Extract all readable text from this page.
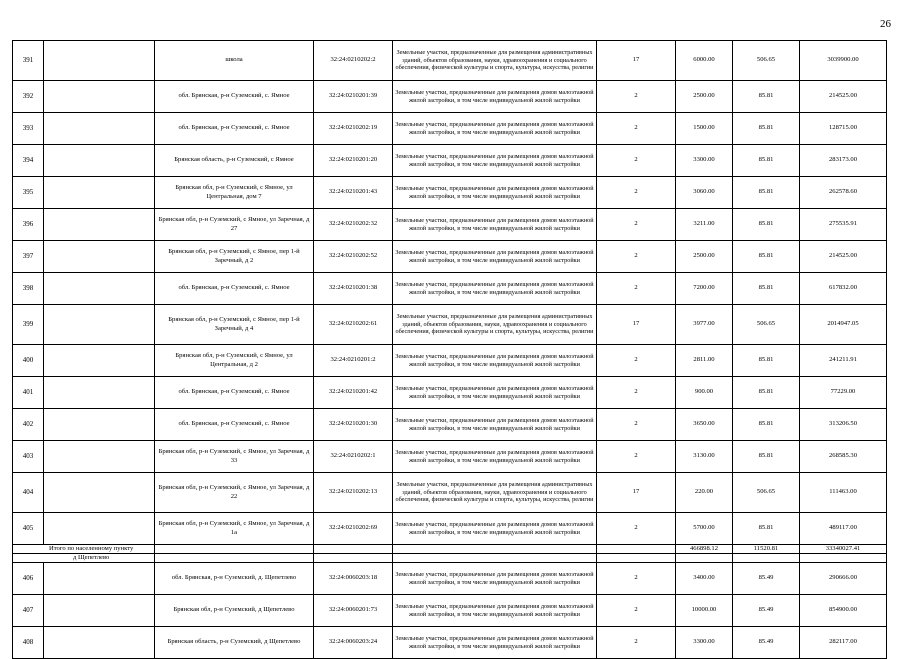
26
391		школа	32:24:0210202:2	Земельные участки, предназначенные для размещения административных зданий, объектов образования, науки, здравоохранения и социального обеспечения, физической культуры и спорта, культуры, искусства, религии	17	6000.00	506.65	3039900.00
392		обл. Брянская, р-н Суземский, с. Ямное	32:24:0210201:39	Земельные участки, предназначенные для размещения домов малоэтажной жилой застройки, в том числе индивидуальной жилой застройки	2	2500.00	85.81	214525.00
393		обл. Брянская, р-н Суземский, с. Ямное	32:24:0210202:19	Земельные участки, предназначенные для размещения домов малоэтажной жилой застройки, в том числе индивидуальной жилой застройки	2	1500.00	85.81	128715.00
394		Брянская область, р-н Суземский, с Ямное	32:24:0210201:20	Земельные участки, предназначенные для размещения домов малоэтажной жилой застройки, в том числе индивидуальной жилой застройки	2	3300.00	85.81	283173.00
395		Брянская обл, р-н Суземский, с Ямное, ул Центральная, дом 7	32:24:0210201:43	Земельные участки, предназначенные для размещения домов малоэтажной жилой застройки, в том числе индивидуальной жилой застройки	2	3060.00	85.81	262578.60
396		Брянская обл, р-н Суземский, с Ямное, ул Заречная, д 27	32:24:0210202:32	Земельные участки, предназначенные для размещения домов малоэтажной жилой застройки, в том числе индивидуальной жилой застройки	2	3211.00	85.81	275535.91
397		Брянская обл, р-н Суземский, с Ямное, пер 1-й Заречный, д 2	32:24:0210202:52	Земельные участки, предназначенные для размещения домов малоэтажной жилой застройки, в том числе индивидуальной жилой застройки	2	2500.00	85.81	214525.00
398		обл. Брянская, р-н Суземский, с. Ямное	32:24:0210201:38	Земельные участки, предназначенные для размещения домов малоэтажной жилой застройки, в том числе индивидуальной жилой застройки	2	7200.00	85.81	617832.00
399		Брянская обл, р-н Суземский, с Ямное, пер 1-й Заречный, д 4	32:24:0210202:61	Земельные участки, предназначенные для размещения административных зданий, объектов образования, науки, здравоохранения и социального обеспечения, физической культуры и спорта, культуры, искусства, религии	17	3977.00	506.65	2014947.05
400		Брянская обл, р-н Суземский, с Ямное, ул Центральная, д 2	32:24:0210201:2	Земельные участки, предназначенные для размещения домов малоэтажной жилой застройки, в том числе индивидуальной жилой застройки	2	2811.00	85.81	241211.91
401		обл. Брянская, р-н Суземский, с. Ямное	32:24:0210201:42	Земельные участки, предназначенные для размещения домов малоэтажной жилой застройки, в том числе индивидуальной жилой застройки	2	900.00	85.81	77229.00
402		обл. Брянская, р-н Суземский, с. Ямное	32:24:0210201:30	Земельные участки, предназначенные для размещения домов малоэтажной жилой застройки, в том числе индивидуальной жилой застройки	2	3650.00	85.81	313206.50
403		Брянская обл, р-н Суземский, с Ямное, ул Заречная, д 33	32:24:0210202:1	Земельные участки, предназначенные для размещения домов малоэтажной жилой застройки, в том числе индивидуальной жилой застройки	2	3130.00	85.81	268585.30
404		Брянская обл, р-н Суземский, с Ямное, ул Заречная, д 22	32:24:0210202:13	Земельные участки, предназначенные для размещения административных зданий, объектов образования, науки, здравоохранения и социального обеспечения, физической культуры и спорта, культуры, искусства, религии	17	220.00	506.65	111463.00
405		Брянская обл, р-н Суземский, с Ямное, ул Заречная, д 1а	32:24:0210202:69	Земельные участки, предназначенные для размещения домов малоэтажной жилой застройки, в том числе индивидуальной жилой застройки	2	5700.00	85.81	489117.00
Итого по населенному пункту						466898.12	11520.81	33340027.41
д Щепетлево								
406		обл. Брянская, р-н Суземский, д. Щепетлево	32:24:0060203:18	Земельные участки, предназначенные для размещения домов малоэтажной жилой застройки, в том числе индивидуальной жилой застройки	2	3400.00	85.49	290666.00
407		Брянская обл, р-н Суземский, д Щепетлево	32:24:0060201:73	Земельные участки, предназначенные для размещения домов малоэтажной жилой застройки, в том числе индивидуальной жилой застройки	2	10000.00	85.49	854900.00
408		Брянская область, р-н Суземский, д Щепетлево	32:24:0060203:24	Земельные участки, предназначенные для размещения домов малоэтажной жилой застройки, в том числе индивидуальной жилой застройки	2	3300.00	85.49	282117.00
